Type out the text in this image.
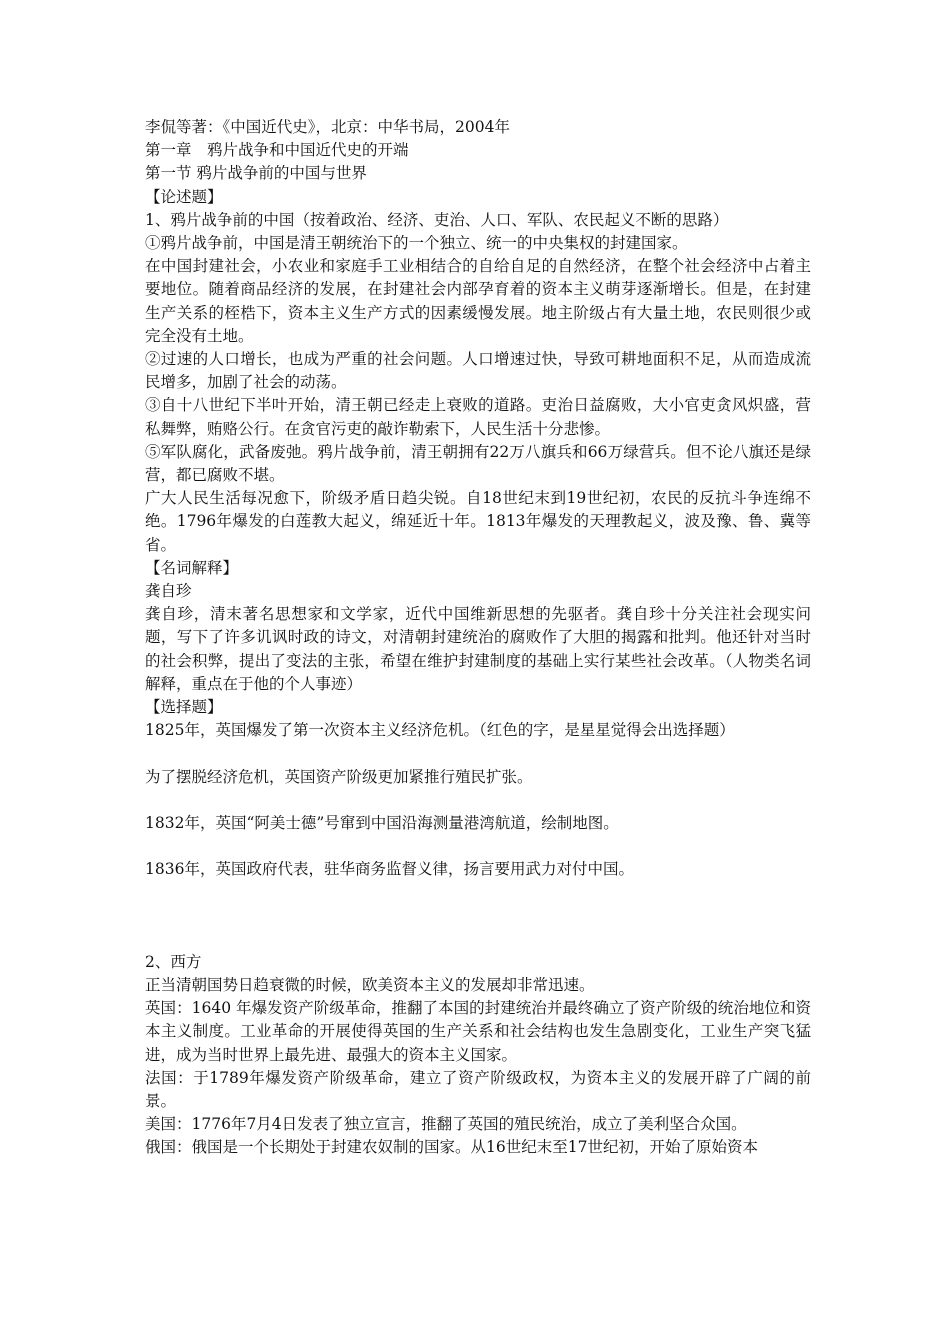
李侃等著：《中国近代史》，北京：中华书局，2004年

第一章　鸦片战争和中国近代史的开端

第一节 鸦片战争前的中国与世界

【论述题】

1、鸦片战争前的中国（按着政治、经济、吏治、人口、军队、农民起义不断的思路）

①鸦片战争前，中国是清王朝统治下的一个独立、统一的中央集权的封建国家。

在中国封建社会，小农业和家庭手工业相结合的自给自足的自然经济，在整个社会经济中占着主要地位。随着商品经济的发展，在封建社会内部孕育着的资本主义萌芽逐渐增长。但是，在封建生产关系的桎梏下，资本主义生产方式的因素缓慢发展。地主阶级占有大量土地，农民则很少或完全没有土地。

②过速的人口增长，也成为严重的社会问题。人口增速过快，导致可耕地面积不足，从而造成流民增多，加剧了社会的动荡。

③自十八世纪下半叶开始，清王朝已经走上衰败的道路。吏治日益腐败，大小官吏贪风炽盛，营私舞弊，贿赂公行。在贪官污吏的敲诈勒索下，人民生活十分悲惨。

⑤军队腐化，武备废弛。鸦片战争前，清王朝拥有22万八旗兵和66万绿营兵。但不论八旗还是绿营，都已腐败不堪。

广大人民生活每况愈下，阶级矛盾日趋尖锐。自18世纪末到19世纪初，农民的反抗斗争连绵不绝。1796年爆发的白莲教大起义，绵延近十年。1813年爆发的天理教起义，波及豫、鲁、冀等省。

【名词解释】

龚自珍

龚自珍，清末著名思想家和文学家，近代中国维新思想的先驱者。龚自珍十分关注社会现实问题，写下了许多讥讽时政的诗文，对清朝封建统治的腐败作了大胆的揭露和批判。他还针对当时的社会积弊，提出了变法的主张，希望在维护封建制度的基础上实行某些社会改革。（人物类名词解释，重点在于他的个人事迹）

【选择题】

1825年，英国爆发了第一次资本主义经济危机。（红色的字，是星星觉得会出选择题）

为了摆脱经济危机，英国资产阶级更加紧推行殖民扩张。

1832年，英国“阿美士德”号窜到中国沿海测量港湾航道，绘制地图。

1836年，英国政府代表，驻华商务监督义律，扬言要用武力对付中国。

2、西方

正当清朝国势日趋衰微的时候，欧美资本主义的发展却非常迅速。

英国：1640 年爆发资产阶级革命，推翻了本国的封建统治并最终确立了资产阶级的统治地位和资本主义制度。工业革命的开展使得英国的生产关系和社会结构也发生急剧变化，工业生产突飞猛进，成为当时世界上最先进、最强大的资本主义国家。

法国：于1789年爆发资产阶级革命，建立了资产阶级政权，为资本主义的发展开辟了广阔的前景。

美国：1776年7月4日发表了独立宣言，推翻了英国的殖民统治，成立了美利坚合众国。

俄国：俄国是一个长期处于封建农奴制的国家。从16世纪末至17世纪初，开始了原始资本
